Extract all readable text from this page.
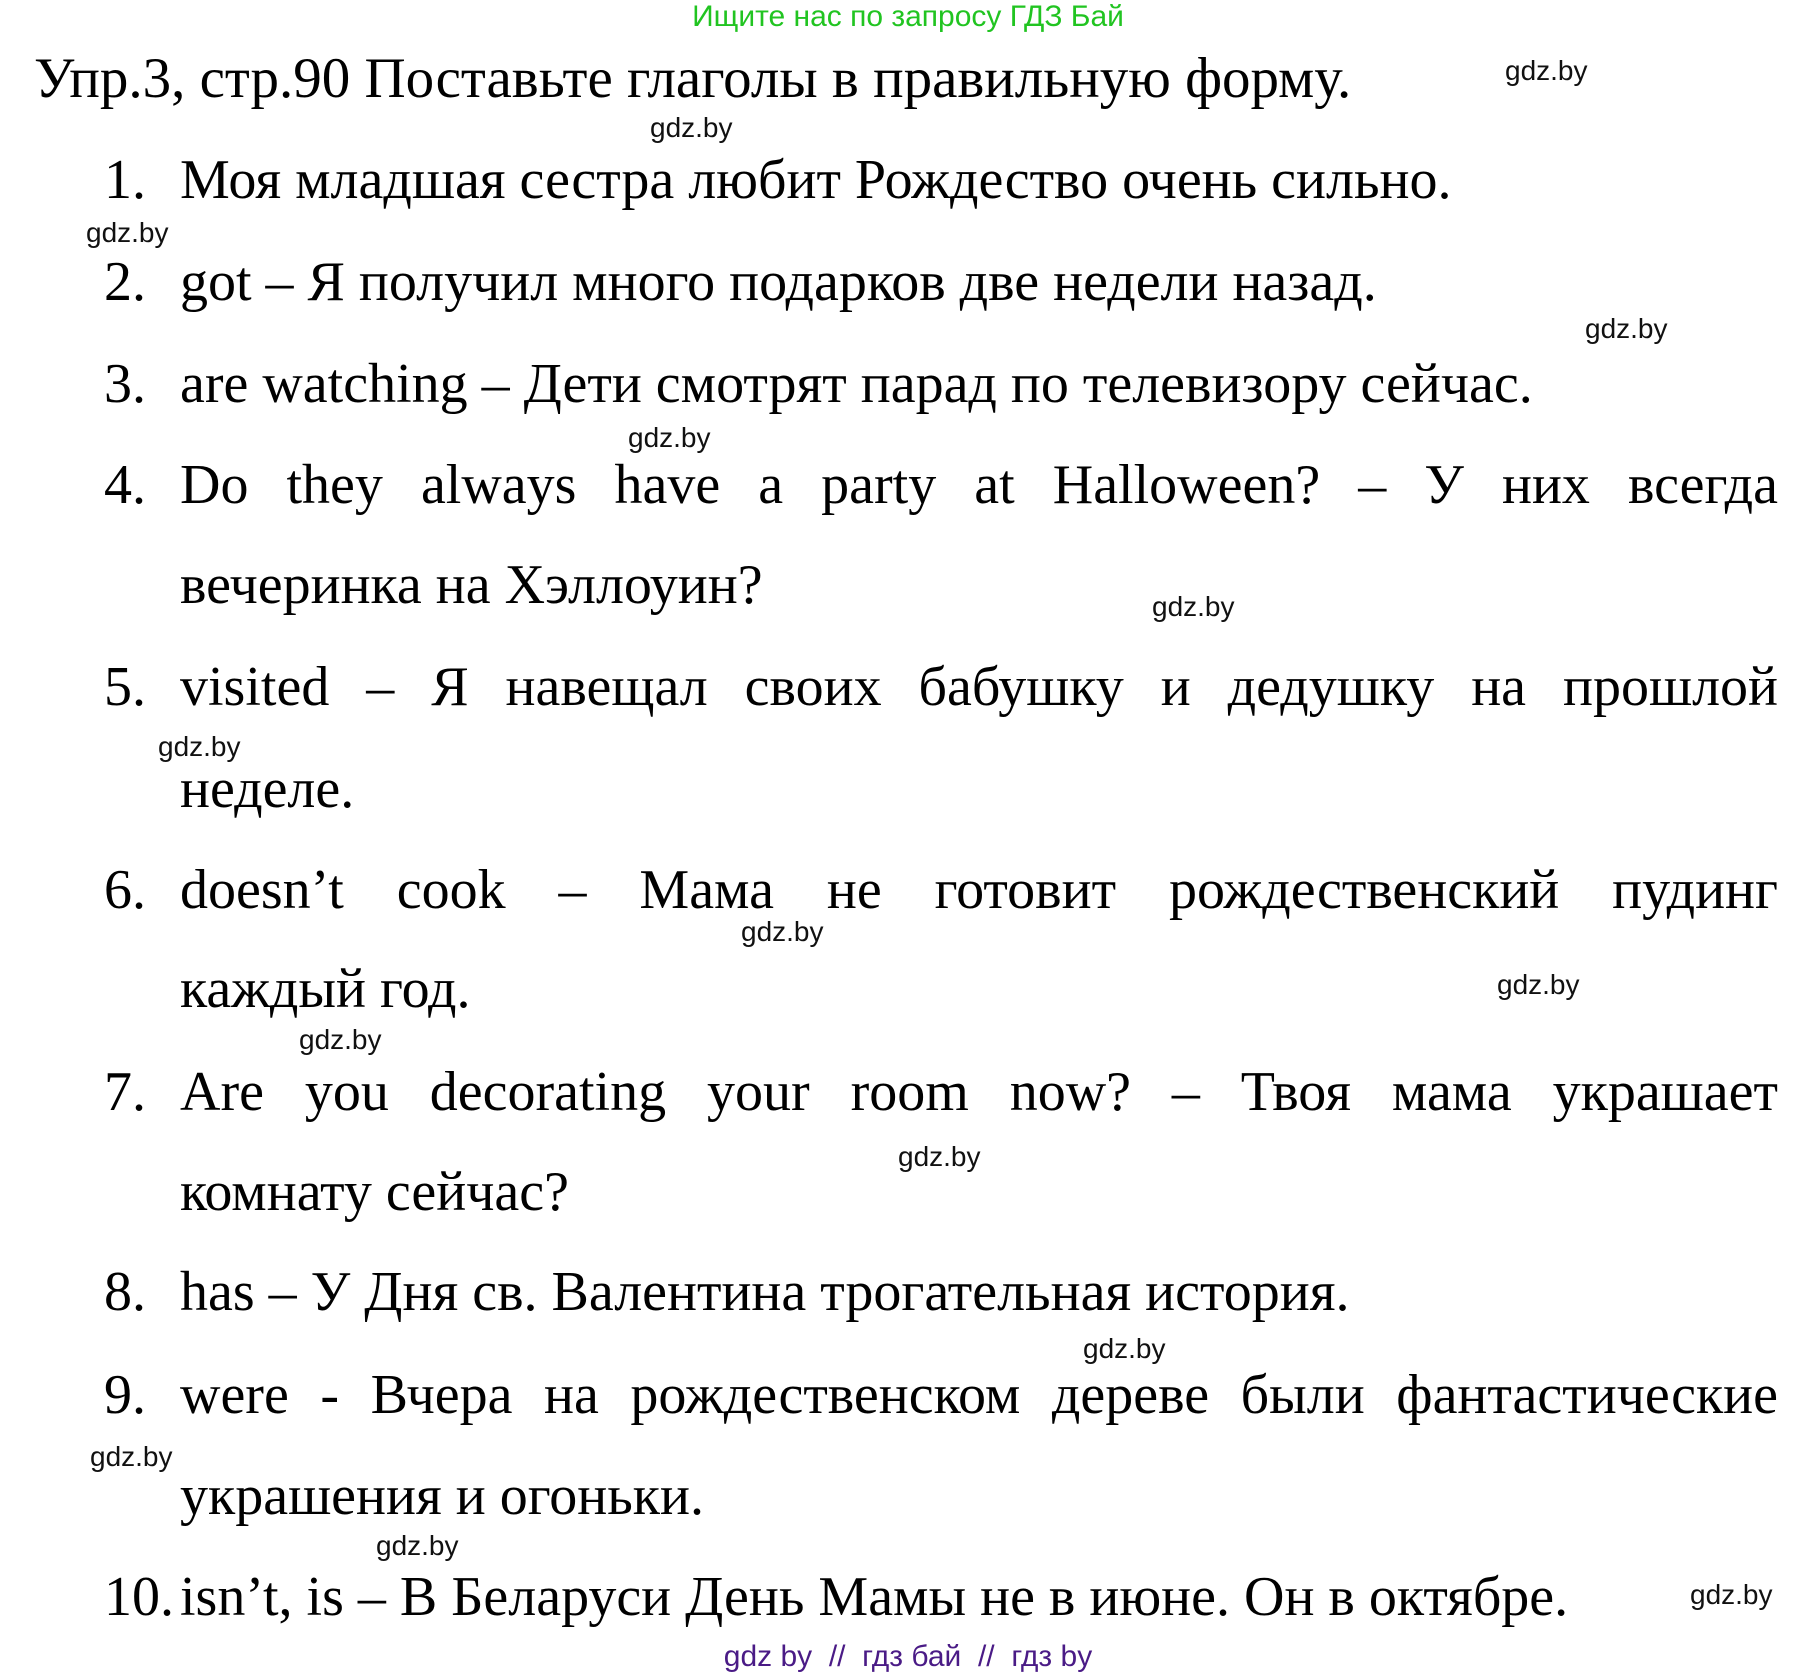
Ищите нас по запросу ГДЗ Бай
Упр.3, стр.90 Поставьте глаголы в правильную форму.
1. Моя младшая сестра любит Рождество очень сильно.
2. got – Я получил много подарков две недели назад.
3. are watching – Дети смотрят парад по телевизору сейчас.
4. Do they always have a party at Halloween? – У них всегда
вечеринка на Хэллоуин?
5. visited – Я навещал своих бабушку и дедушку на прошлой
неделе.
6. doesn’t cook – Мама не готовит рождественский пудинг
каждый год.
7. Are you decorating your room now? – Твоя мама украшает
комнату сейчас?
8. has – У Дня св. Валентина трогательная история.
9. were - Вчера на рождественском дереве были фантастические
украшения и огоньки.
10. isn’t, is – В Беларуси День Мамы не в июне. Он в октябре.
gdz.by
gdz.by
gdz.by
gdz.by
gdz.by
gdz.by
gdz.by
gdz.by
gdz.by
gdz.by
gdz.by
gdz.by
gdz.by
gdz.by
gdz.by
gdz by  //  гдз бай  //  гдз by
